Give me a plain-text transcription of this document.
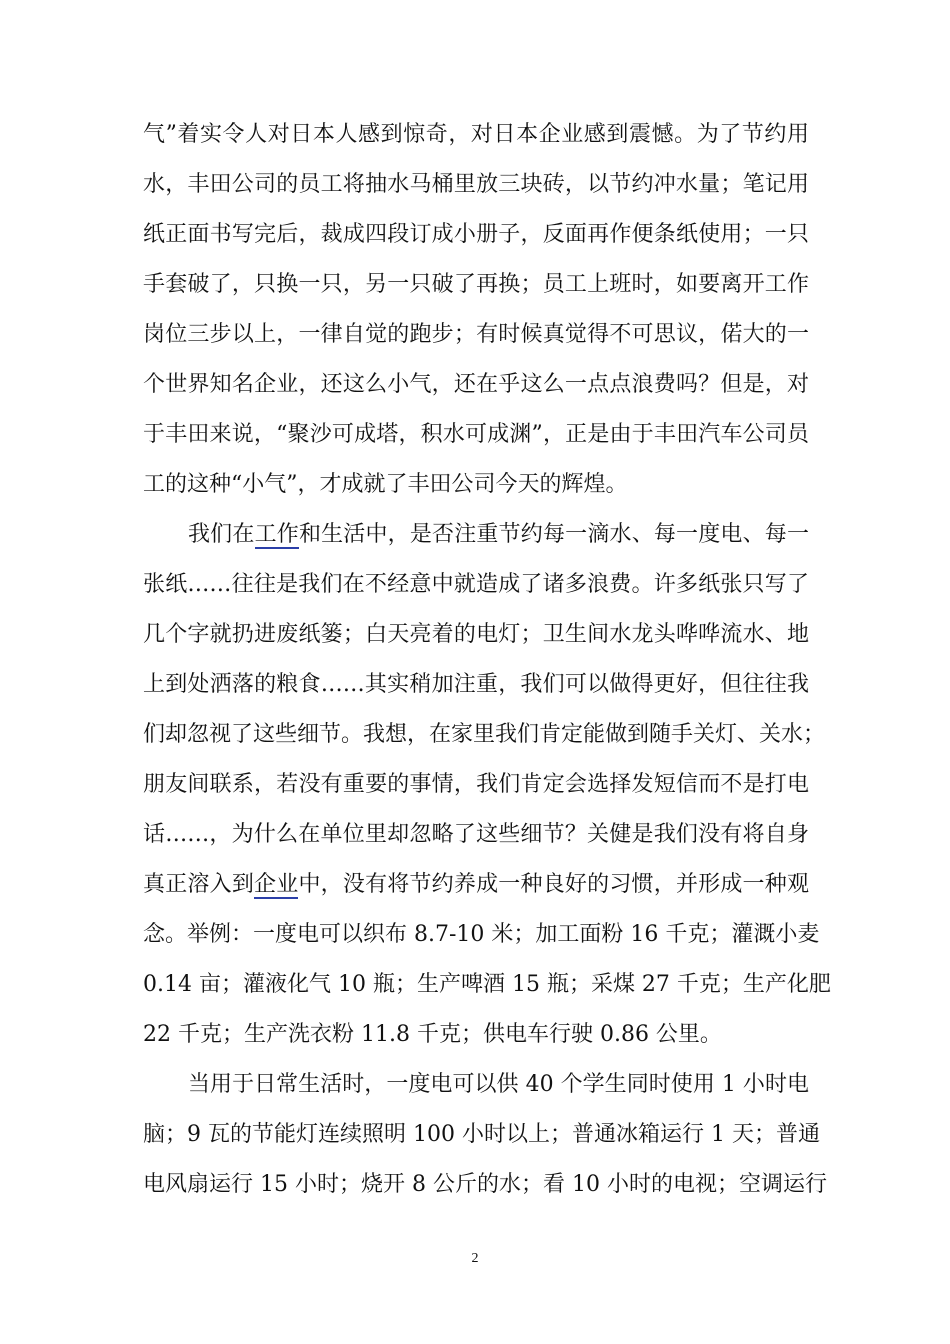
气”着实令人对日本人感到惊奇，对日本企业感到震憾。为了节约用
水，丰田公司的员工将抽水马桶里放三块砖，以节约冲水量；笔记用
纸正面书写完后，裁成四段订成小册子，反面再作便条纸使用；一只
手套破了，只换一只，另一只破了再换；员工上班时，如要离开工作
岗位三步以上，一律自觉的跑步；有时候真觉得不可思议，偌大的一
个世界知名企业，还这么小气，还在乎这么一点点浪费吗？但是，对
于丰田来说，“聚沙可成塔，积水可成渊”，正是由于丰田汽车公司员
工的这种“小气”，才成就了丰田公司今天的辉煌。
我们在工作和生活中，是否注重节约每一滴水、每一度电、每一
张纸……往往是我们在不经意中就造成了诸多浪费。许多纸张只写了
几个字就扔进废纸篓；白天亮着的电灯；卫生间水龙头哗哗流水、地
上到处洒落的粮食……其实稍加注重，我们可以做得更好，但往往我
们却忽视了这些细节。我想，在家里我们肯定能做到随手关灯、关水；
朋友间联系，若没有重要的事情，我们肯定会选择发短信而不是打电
话……，为什么在单位里却忽略了这些细节？关健是我们没有将自身
真正溶入到企业中，没有将节约养成一种良好的习惯，并形成一种观
念。举例：一度电可以织布 8.7-10 米；加工面粉 16 千克；灌溉小麦
0.14 亩；灌液化气 10 瓶；生产啤酒 15 瓶；采煤 27 千克；生产化肥
22 千克；生产洗衣粉 11.8 千克；供电车行驶 0.86 公里。
当用于日常生活时，一度电可以供 40 个学生同时使用 1 小时电
脑；9 瓦的节能灯连续照明 100 小时以上；普通冰箱运行 1 天；普通
电风扇运行 15 小时；烧开 8 公斤的水；看 10 小时的电视；空调运行
2
